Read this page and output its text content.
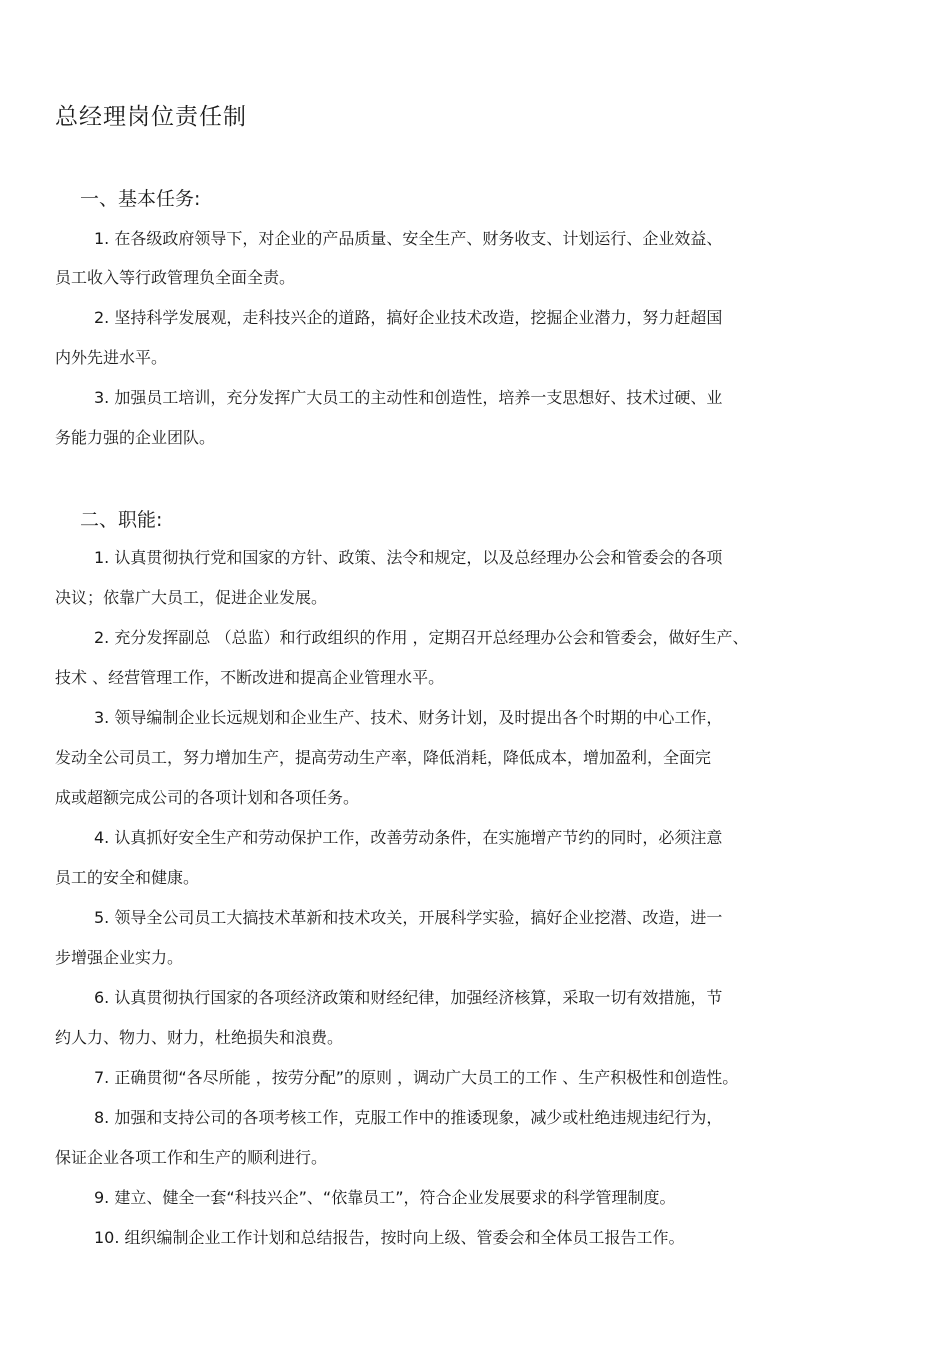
总经理岗位责任制
一、基本任务:
1. 在各级政府领导下，对企业的产品质量、安全生产、财务收支、计划运行、企业效益、
员工收入等行政管理负全面全责。
2. 坚持科学发展观，走科技兴企的道路，搞好企业技术改造，挖掘企业潜力，努力赶超国
内外先进水平。
3. 加强员工培训，充分发挥广大员工的主动性和创造性，培养一支思想好、技术过硬、业
务能力强的企业团队。
二、职能:
1. 认真贯彻执行党和国家的方针、政策、法令和规定，以及总经理办公会和管委会的各项
决议；依靠广大员工，促进企业发展。
2. 充分发挥副总 （总监）和行政组织的作用 ，定期召开总经理办公会和管委会，做好生产、
技术 、经营管理工作，不断改进和提高企业管理水平。
3. 领导编制企业长远规划和企业生产、技术、财务计划，及时提出各个时期的中心工作，
发动全公司员工，努力增加生产，提高劳动生产率，降低消耗，降低成本，增加盈利，全面完
成或超额完成公司的各项计划和各项任务。
4. 认真抓好安全生产和劳动保护工作，改善劳动条件，在实施增产节约的同时，必须注意
员工的安全和健康。
5. 领导全公司员工大搞技术革新和技术攻关，开展科学实验，搞好企业挖潜、改造，进一
步增强企业实力。
6. 认真贯彻执行国家的各项经济政策和财经纪律，加强经济核算，采取一切有效措施，节
约人力、物力、财力，杜绝损失和浪费。
7. 正确贯彻“各尽所能 ，按劳分配”的原则 ，调动广大员工的工作 、生产积极性和创造性。
8. 加强和支持公司的各项考核工作，克服工作中的推诿现象，减少或杜绝违规违纪行为，
保证企业各项工作和生产的顺利进行。
9. 建立、健全一套“科技兴企”、“依靠员工”，符合企业发展要求的科学管理制度。
10. 组织编制企业工作计划和总结报告，按时向上级、管委会和全体员工报告工作。
